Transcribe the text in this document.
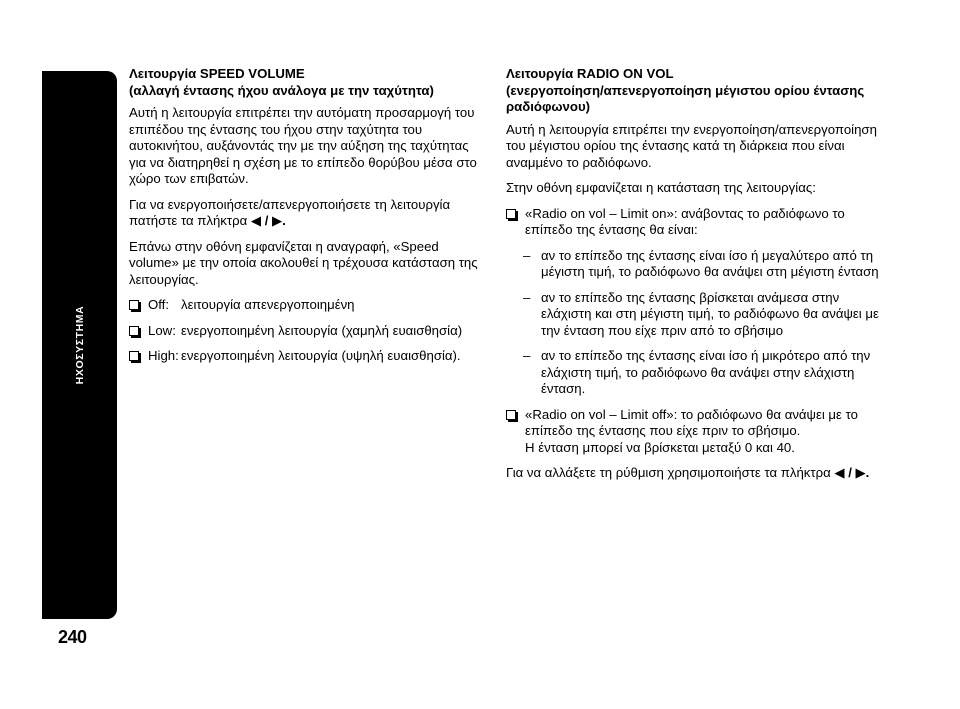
ΗΧΟΣΥΣΤΗΜΑ
240
Λειτουργία SPEED VOLUME
(αλλαγή έντασης ήχου ανάλογα με την ταχύτητα)

Αυτή η λειτουργία επιτρέπει την αυτόματη προσαρμογή του επιπέδου της έντασης του ήχου στην ταχύτητα του αυτοκινήτου, αυξάνοντάς την με την αύξηση της ταχύτητας για να διατηρηθεί η σχέση με το επίπεδο θορύβου μέσα στο χώρο των επιβατών.

Για να ενεργοποιήσετε/απενεργοποιήσετε τη λειτουργία πατήστε τα πλήκτρα ◀ / ▶.

Επάνω στην οθόνη εμφανίζεται η αναγραφή, «Speed volume» με την οποία ακολουθεί η τρέχουσα κατάσταση της λειτουργίας.

Off: λειτουργία απενεργοποιημένη
Low: ενεργοποιημένη λειτουργία (χαμηλή ευαισθησία)
High: ενεργοποιημένη λειτουργία (υψηλή ευαισθησία).
Λειτουργία RADIO ON VOL
(ενεργοποίηση/απενεργοποίηση μέγιστου ορίου έντασης ραδιόφωνου)

Αυτή η λειτουργία επιτρέπει την ενεργοποίηση/απενεργοποίηση του μέγιστου ορίου της έντασης κατά τη διάρκεια που είναι αναμμένο το ραδιόφωνο.

Στην οθόνη εμφανίζεται η κατάσταση της λειτουργίας:

«Radio on vol – Limit on»: ανάβοντας το ραδιόφωνο το επίπεδο της έντασης θα είναι:
– αν το επίπεδο της έντασης είναι ίσο ή μεγαλύτερο από τη μέγιστη τιμή, το ραδιόφωνο θα ανάψει στη μέγιστη ένταση
– αν το επίπεδο της έντασης βρίσκεται ανάμεσα στην ελάχιστη και στη μέγιστη τιμή, το ραδιόφωνο θα ανάψει με την ένταση που είχε πριν από το σβήσιμο
– αν το επίπεδο της έντασης είναι ίσο ή μικρότερο από την ελάχιστη τιμή, το ραδιόφωνο θα ανάψει στην ελάχιστη ένταση.
«Radio on vol – Limit off»: το ραδιόφωνο θα ανάψει με το επίπεδο της έντασης που είχε πριν το σβήσιμο.
Η ένταση μπορεί να βρίσκεται μεταξύ 0 και 40.

Για να αλλάξετε τη ρύθμιση χρησιμοποιήστε τα πλήκτρα ◀ / ▶.
